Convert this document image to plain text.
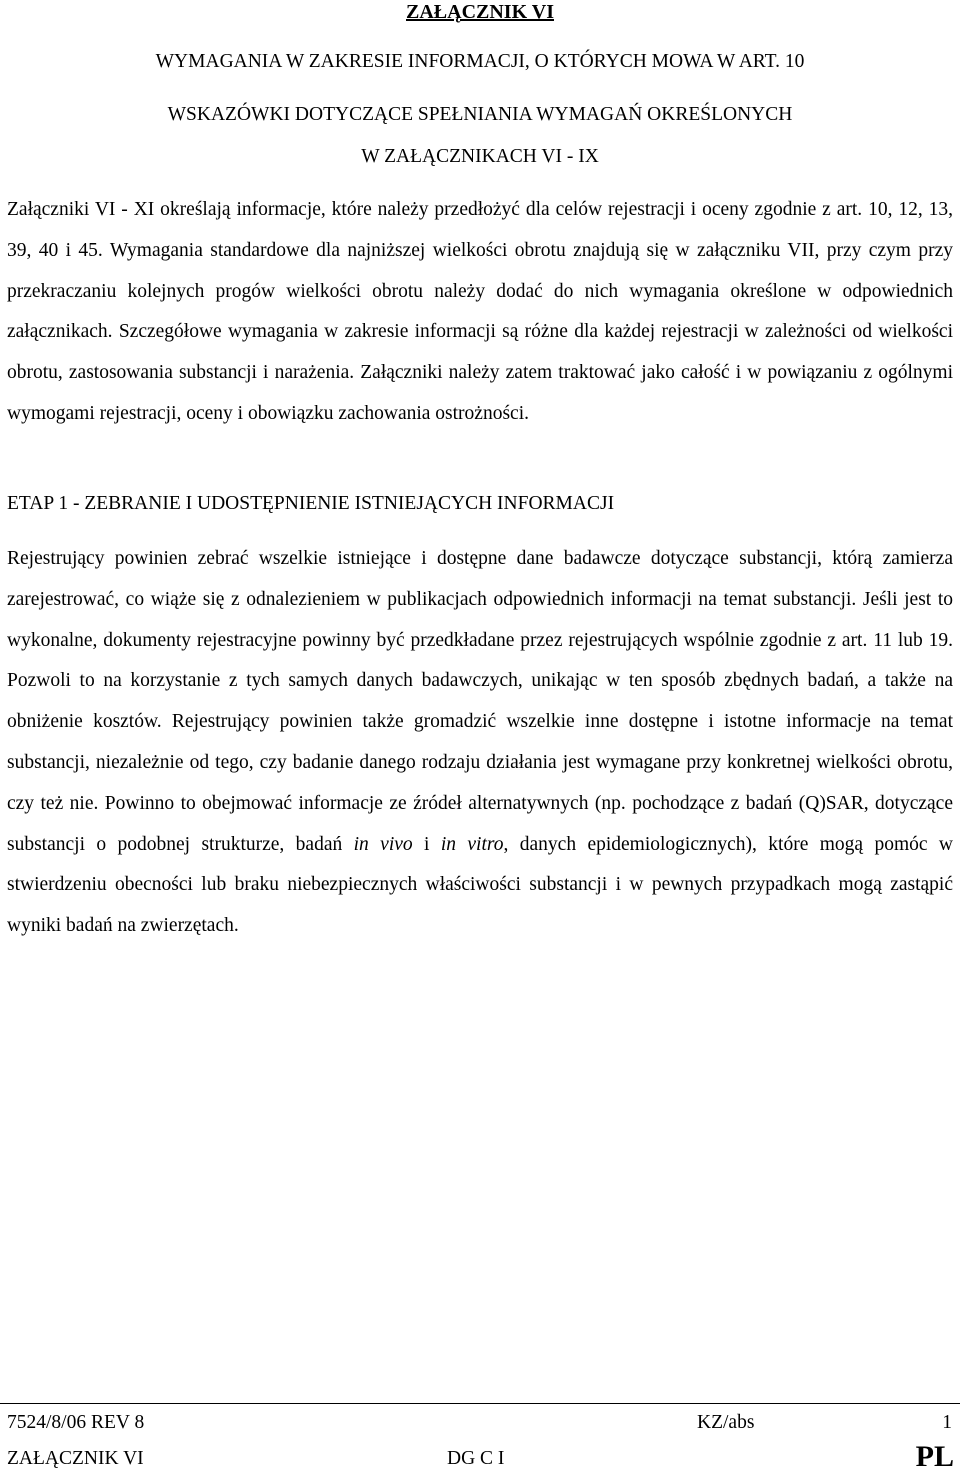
ZAŁĄCZNIK VI
WYMAGANIA W ZAKRESIE INFORMACJI, O KTÓRYCH MOWA W ART. 10
WSKAZÓWKI DOTYCZĄCE SPEŁNIANIA WYMAGAŃ OKREŚLONYCH
W ZAŁĄCZNIKACH VI - IX

Załączniki VI - XI określają informacje, które należy przedłożyć dla celów rejestracji i oceny zgodnie z art. 10, 12, 13, 39, 40 i 45. Wymagania standardowe dla najniższej wielkości obrotu znajdują się w załączniku VII, przy czym przy przekraczaniu kolejnych progów wielkości obrotu należy dodać do nich wymagania określone w odpowiednich załącznikach. Szczegółowe wymagania w zakresie informacji są różne dla każdej rejestracji w zależności od wielkości obrotu, zastosowania substancji i narażenia. Załączniki należy zatem traktować jako całość i w powiązaniu z ogólnymi wymogami rejestracji, oceny i obowiązku zachowania ostrożności.

ETAP 1 - ZEBRANIE I UDOSTĘPNIENIE ISTNIEJĄCYCH INFORMACJI

Rejestrujący powinien zebrać wszelkie istniejące i dostępne dane badawcze dotyczące substancji, którą zamierza zarejestrować, co wiąże się z odnalezieniem w publikacjach odpowiednich informacji na temat substancji. Jeśli jest to wykonalne, dokumenty rejestracyjne powinny być przedkładane przez rejestrujących wspólnie zgodnie z art. 11 lub 19. Pozwoli to na korzystanie z tych samych danych badawczych, unikając w ten sposób zbędnych badań, a także na obniżenie kosztów. Rejestrujący powinien także gromadzić wszelkie inne dostępne i istotne informacje na temat substancji, niezależnie od tego, czy badanie danego rodzaju działania jest wymagane przy konkretnej wielkości obrotu, czy też nie. Powinno to obejmować informacje ze źródeł alternatywnych (np. pochodzące z badań (Q)SAR, dotyczące substancji o podobnej strukturze, badań in vivo i in vitro, danych epidemiologicznych), które mogą pomóc w stwierdzeniu obecności lub braku niebezpiecznych właściwości substancji i w pewnych przypadkach mogą zastąpić wyniki badań na zwierzętach.

7524/8/06 REV 8	KZ/abs	1
ZAŁĄCZNIK VI	DG C I	PL
